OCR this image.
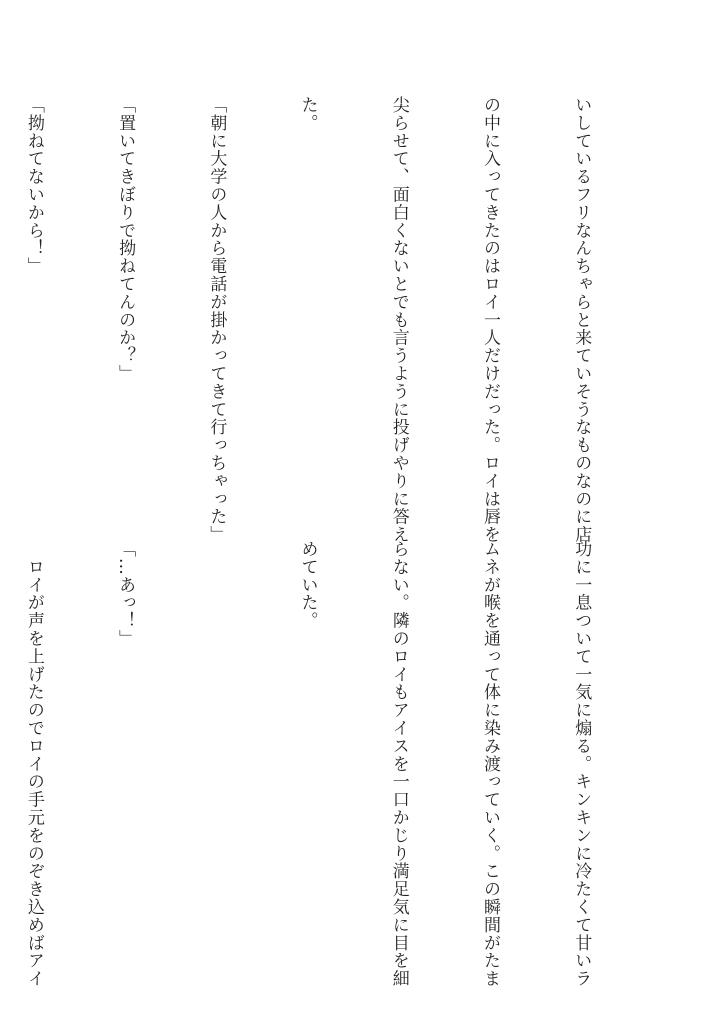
いしているフリなんちゃらと来ていそうなものなのに店

の中に入ってきたのはロイ一人だけだった。ロイは唇を

尖らせて、面白くないとでも言うように投げやりに答え

た。

「朝に大学の人から電話が掛かってきて行っちゃった」

「置いてきぼりで拗ねてんのか？」

「拗ねてないから！」

功に一息ついて一気に煽る。キンキンに冷たくて甘いラ

ムネが喉を通って体に染み渡っていく。この瞬間がたま

らない。隣のロイもアイスを一口かじり満足気に目を細

めていた。

「…あっ！」

　ロイが声を上げたのでロイの手元をのぞき込めばアイ
